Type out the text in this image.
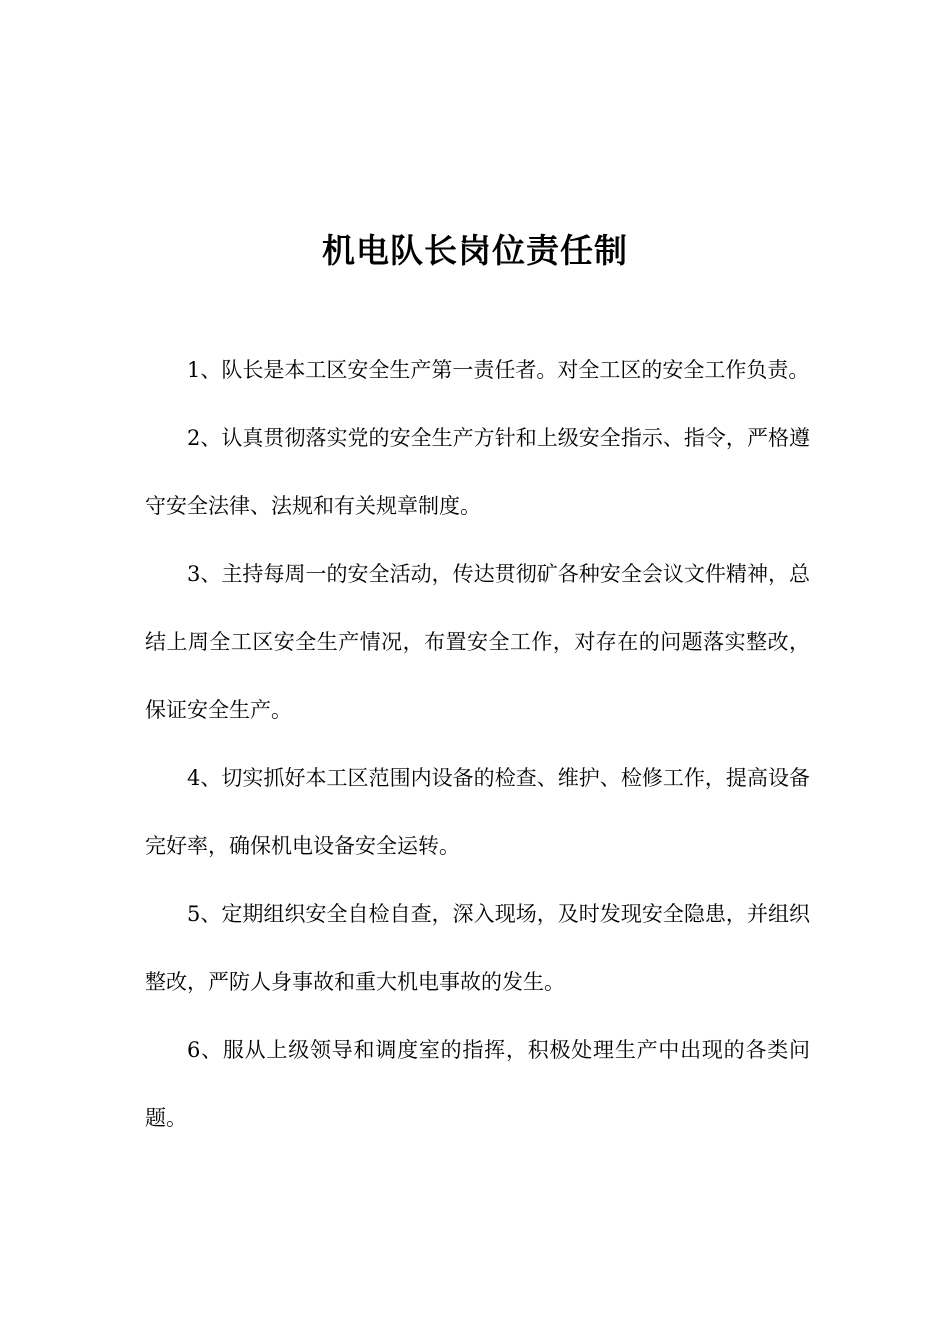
机电队长岗位责任制

1、队长是本工区安全生产第一责任者。对全工区的安全工作负责。

2、认真贯彻落实党的安全生产方针和上级安全指示、指令，严格遵守安全法律、法规和有关规章制度。

3、主持每周一的安全活动，传达贯彻矿各种安全会议文件精神，总结上周全工区安全生产情况，布置安全工作，对存在的问题落实整改，保证安全生产。

4、切实抓好本工区范围内设备的检查、维护、检修工作，提高设备完好率，确保机电设备安全运转。

5、定期组织安全自检自查，深入现场，及时发现安全隐患，并组织整改，严防人身事故和重大机电事故的发生。

6、服从上级领导和调度室的指挥，积极处理生产中出现的各类问题。
